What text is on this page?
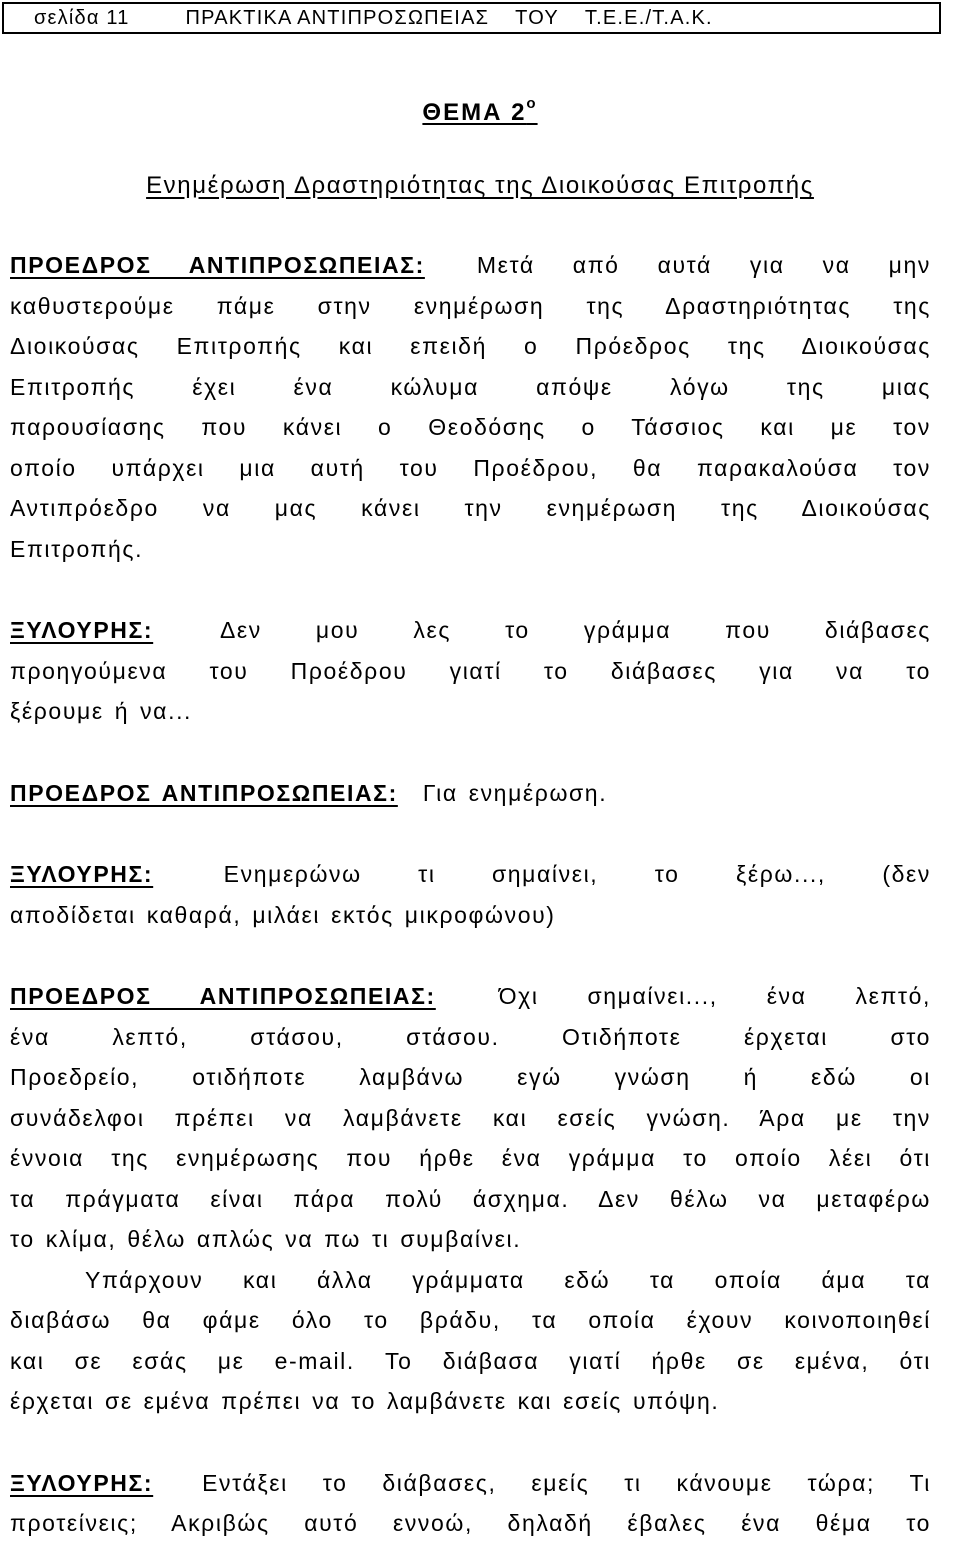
σελίδα 11	ΠΡΑΚΤΙΚΑ ΑΝΤΙΠΡΟΣΩΠΕΙΑΣ ΤΟΥ Τ.Ε.Ε./Τ.Α.Κ.
ΘΕΜΑ $2^o$
Ενημέρωση Δραστηριότητας της Διοικούσας Επιτροπής

ΠΡΟΕΔΡΟΣ ΑΝΤΙΠΡΟΣΩΠΕΙΑΣ: Μετά από αυτά για να μην

καθυστερούμε πάμε στην ενημέρωση της Δραστηριότητας της

Διοικούσας Επιτροπής και επειδή ο Πρόεδρος της Διοικούσας

Επιτροπής έχει ένα κώλυμα απόψε λόγω της μιας

παρουσίασης που κάνει ο Θεοδόσης ο Τάσσιος και με τον

οποίο υπάρχει μια αυτή του Προέδρου, θα παρακαλούσα τον

Αντιπρόεδρο να μας κάνει την ενημέρωση της Διοικούσας

Επιτροπής.

ΞΥΛΟΥΡΗΣ:	Δεν μου λες το γράμμα που διάβασες

προηγούμενα του Προέδρου γιατί το διάβασες για να το

ξέρουμε ή να...

ΠΡΟΕΔΡΟΣ ΑΝΤΙΠΡΟΣΩΠΕΙΑΣ: Για ενημέρωση.

ΞΥΛΟΥΡΗΣ:	Ενημερώνω τι σημαίνει, το ξέρω..., (δεν

αποδίδεται καθαρά, μιλάει εκτός μικροφώνου)

ΠΡΟΕΔΡΟΣ ΑΝΤΙΠΡΟΣΩΠΕΙΑΣ:	Όχι σημαίνει..., ένα λεπτό,

ένα λεπτό, στάσου, στάσου. Οτιδήποτε έρχεται στο

Προεδρείο, οτιδήποτε λαμβάνω εγώ γνώση ή εδώ οι

συνάδελφοι πρέπει να λαμβάνετε και εσείς γνώση. Άρα με την

έννοια της ενημέρωσης που ήρθε ένα γράμμα το οποίο λέει ότι

τα πράγματα είναι πάρα πολύ άσχημα. Δεν θέλω να μεταφέρω

το κλίμα, θέλω απλώς να πω τι συμβαίνει.

Υπάρχουν και άλλα γράμματα εδώ τα οποία άμα τα

διαβάσω θα φάμε όλο το βράδυ, τα οποία έχουν κοινοποιηθεί

και σε εσάς με e-mail. Το διάβασα γιατί ήρθε σε εμένα, ότι

έρχεται σε εμένα πρέπει να το λαμβάνετε και εσείς υπόψη.

ΞΥΛΟΥΡΗΣ: Εντάξει το διάβασες, εμείς τι κάνουμε τώρα; Τι

προτείνεις; Ακριβώς αυτό εννοώ, δηλαδή έβαλες ένα θέμα το
